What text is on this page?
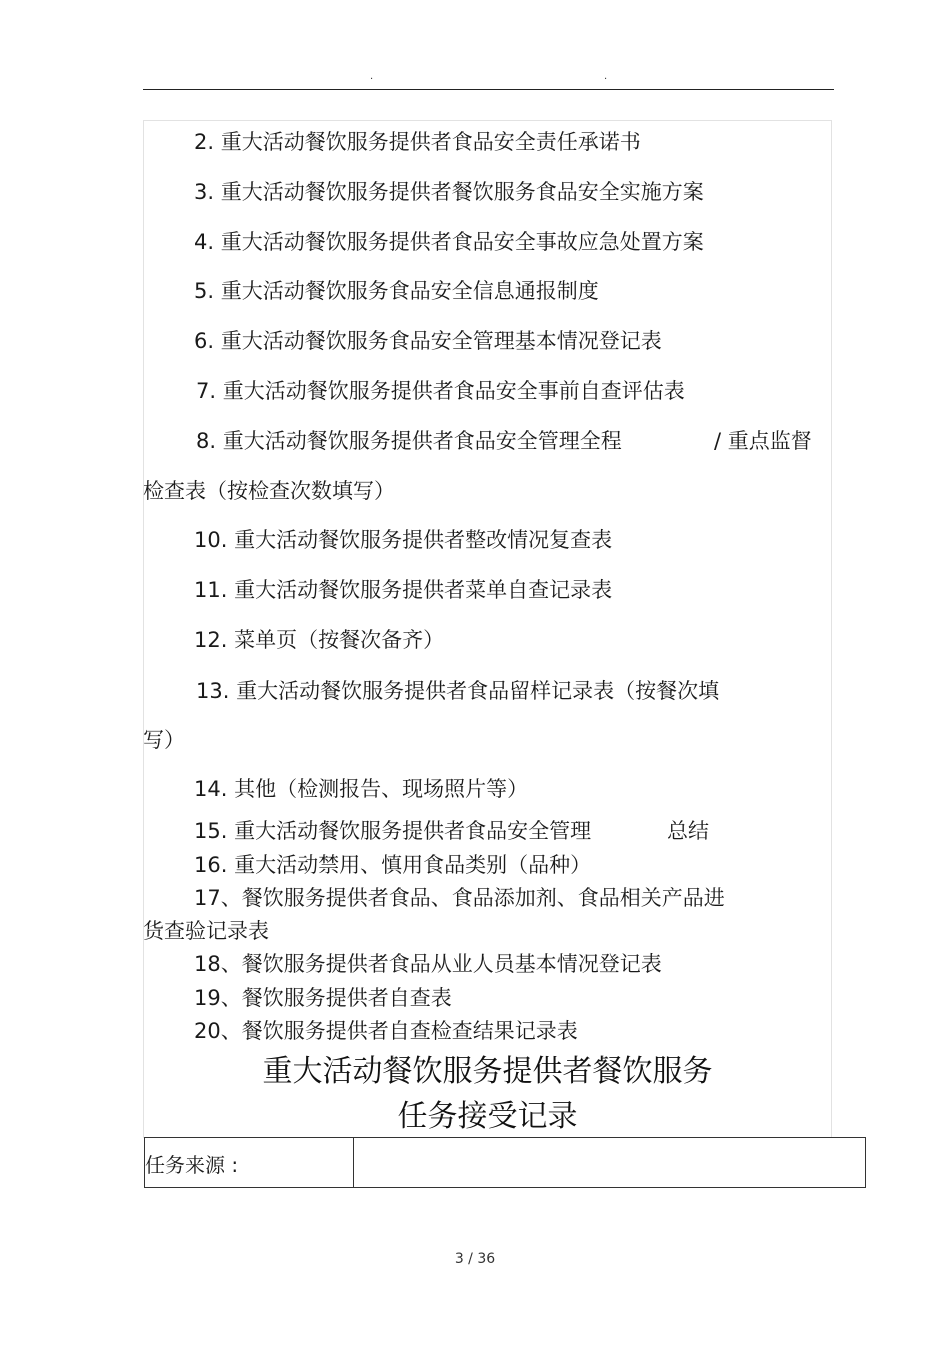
.	.
2. 重大活动餐饮服务提供者食品安全责任承诺书
3. 重大活动餐饮服务提供者餐饮服务食品安全实施方案
4. 重大活动餐饮服务提供者食品安全事故应急处置方案
5. 重大活动餐饮服务食品安全信息通报制度
6. 重大活动餐饮服务食品安全管理基本情况登记表
7. 重大活动餐饮服务提供者食品安全事前自查评估表
8. 重大活动餐饮服务提供者食品安全管理全程	/ 重点监督
检查表（按检查次数填写）
10. 重大活动餐饮服务提供者整改情况复查表
11. 重大活动餐饮服务提供者菜单自查记录表
12. 菜单页（按餐次备齐）
13. 重大活动餐饮服务提供者食品留样记录表（按餐次填
写）
14. 其他（检测报告、现场照片等）
15. 重大活动餐饮服务提供者食品安全管理	总结
16. 重大活动禁用、慎用食品类别（品种）
17、餐饮服务提供者食品、食品添加剂、食品相关产品进
货查验记录表
18、餐饮服务提供者食品从业人员基本情况登记表
19、餐饮服务提供者自查表
20、餐饮服务提供者自查检查结果记录表
重大活动餐饮服务提供者餐饮服务
任务接受记录
任务来源 :
3 / 36
